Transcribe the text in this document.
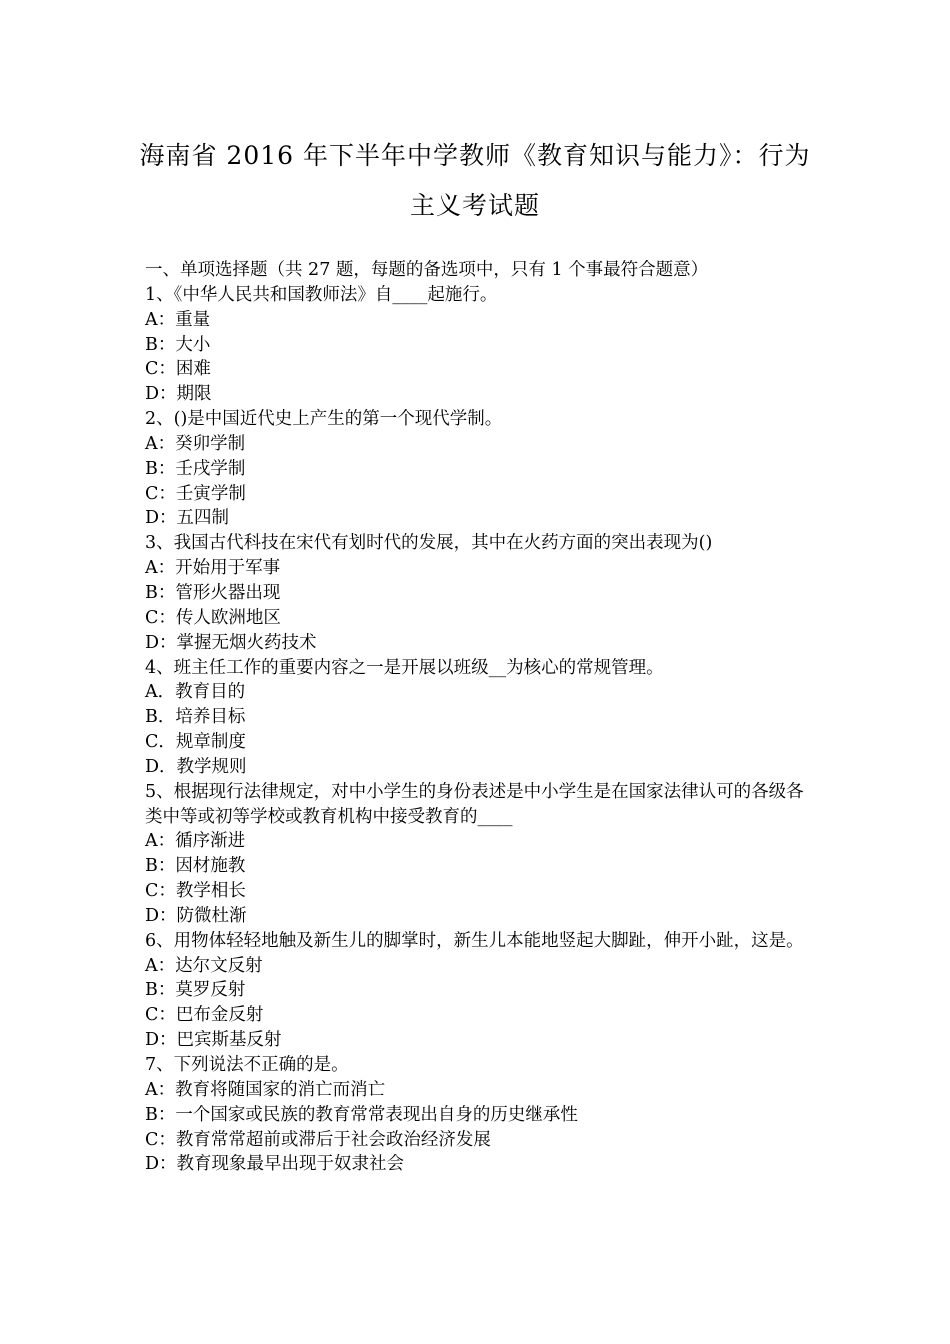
海南省 2016 年下半年中学教师《教育知识与能力》：行为
主义考试题
一、单项选择题（共 27 题，每题的备选项中，只有 1 个事最符合题意）
1、《中华人民共和国教师法》自____起施行。
A：重量
B：大小
C：困难
D：期限
2、()是中国近代史上产生的第一个现代学制。
A：癸卯学制
B：壬戌学制
C：壬寅学制
D：五四制
3、我国古代科技在宋代有划时代的发展，其中在火药方面的突出表现为()
A：开始用于军事
B：管形火器出现
C：传人欧洲地区
D：掌握无烟火药技术
4、班主任工作的重要内容之一是开展以班级__为核心的常规管理。
A．教育目的
B．培养目标
C．规章制度
D．教学规则
5、根据现行法律规定，对中小学生的身份表述是中小学生是在国家法律认可的各级各类中等或初等学校或教育机构中接受教育的____
A：循序渐进
B：因材施教
C：教学相长
D：防微杜渐
6、用物体轻轻地触及新生儿的脚掌时，新生儿本能地竖起大脚趾，伸开小趾，这是。
A：达尔文反射
B：莫罗反射
C：巴布金反射
D：巴宾斯基反射
7、下列说法不正确的是。
A：教育将随国家的消亡而消亡
B：一个国家或民族的教育常常表现出自身的历史继承性
C：教育常常超前或滞后于社会政治经济发展
D：教育现象最早出现于奴隶社会
